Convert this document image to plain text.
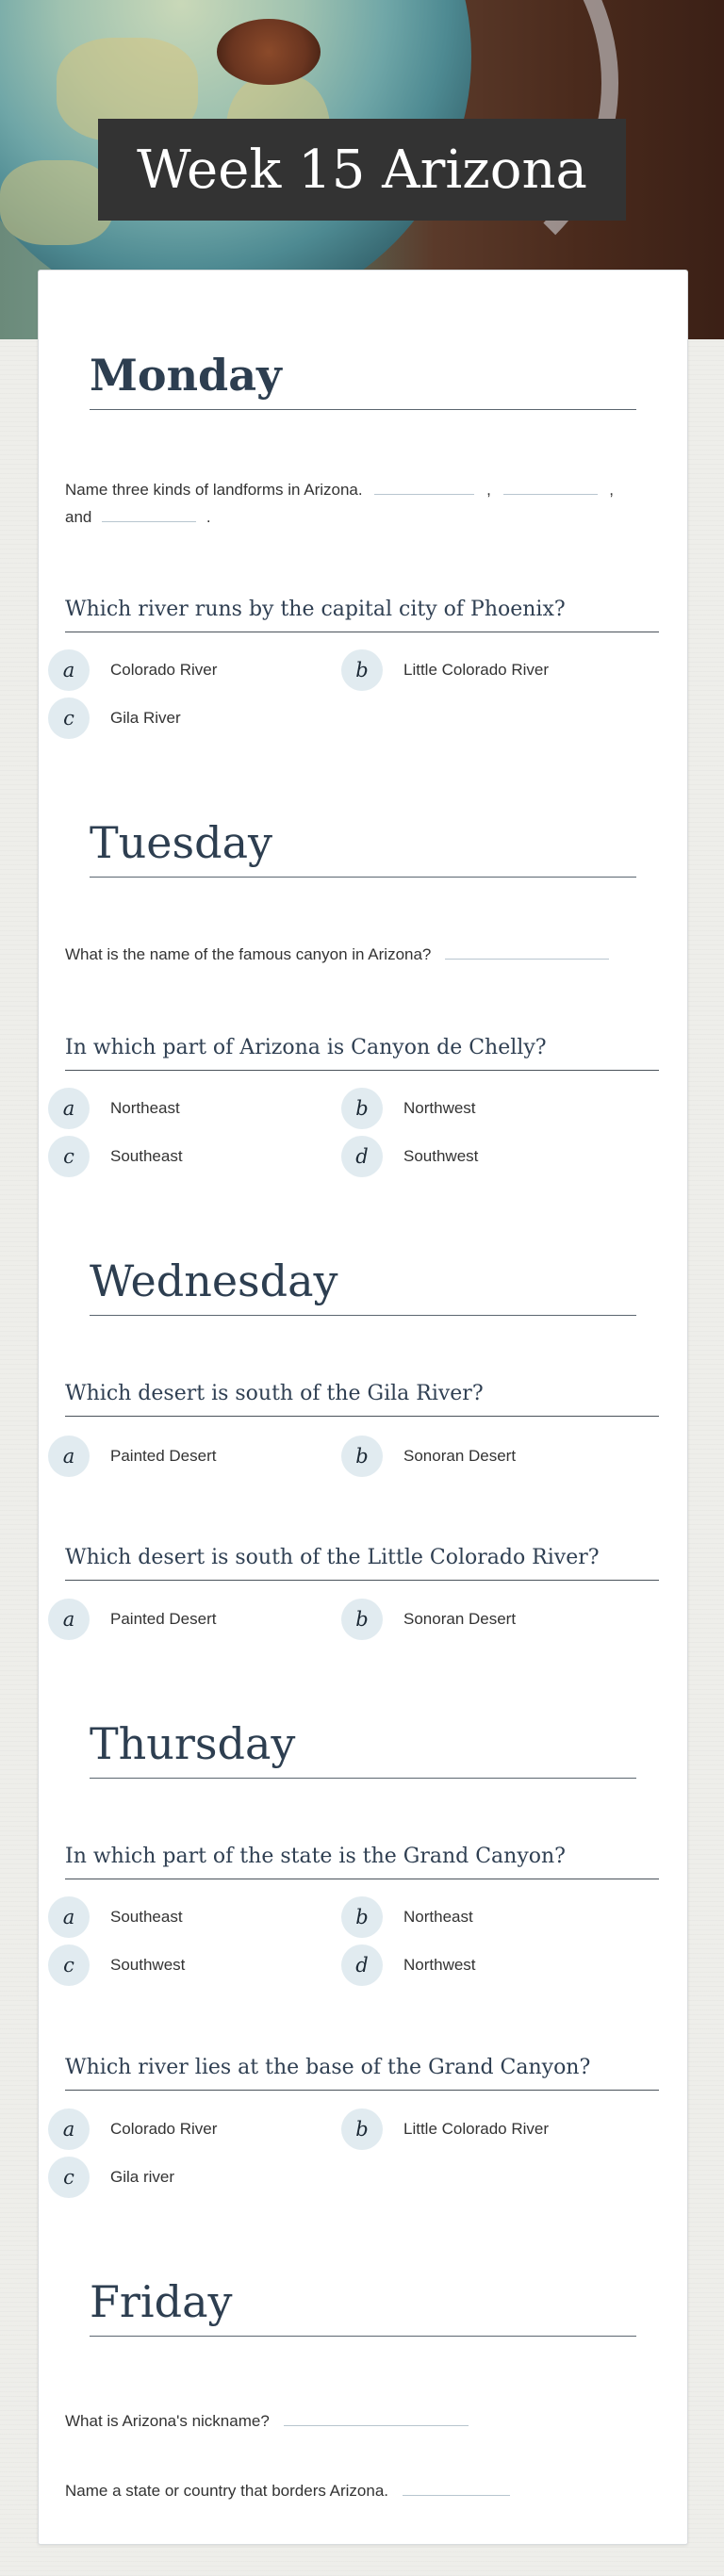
Week 15 Arizona
Monday
Name three kinds of landforms in Arizona.	,	,
and	.
Which river runs by the capital city of Phoenix?
a	Colorado River	b	Little Colorado River
c	Gila River
Tuesday
What is the name of the famous canyon in Arizona?
In which part of Arizona is Canyon de Chelly?
a	Northeast	b	Northwest
c	Southeast	d	Southwest
Wednesday
Which desert is south of the Gila River?
a	Painted Desert	b	Sonoran Desert
Which desert is south of the Little Colorado River?
a	Painted Desert	b	Sonoran Desert
Thursday
In which part of the state is the Grand Canyon?
a	Southeast	b	Northeast
c	Southwest	d	Northwest
Which river lies at the base of the Grand Canyon?
a	Colorado River	b	Little Colorado River
c	Gila river
Friday
What is Arizona's nickname?
Name a state or country that borders Arizona.
